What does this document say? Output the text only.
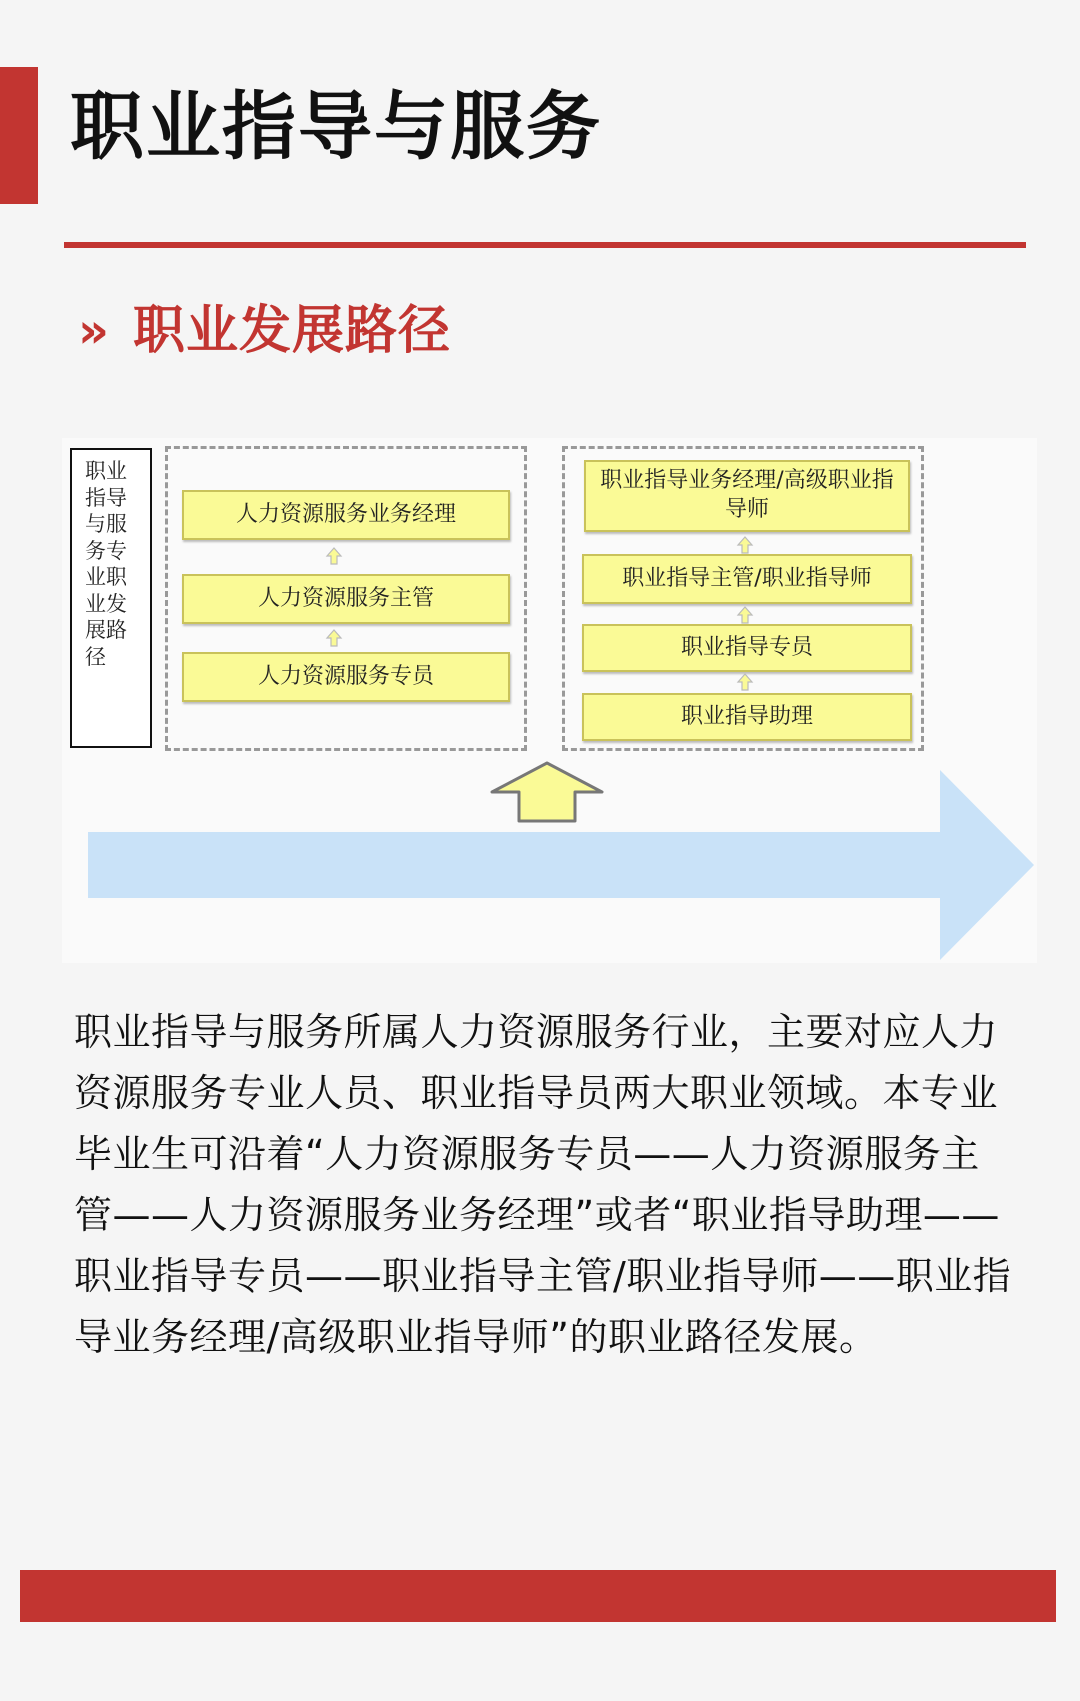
职业指导与服务
» 职业发展路径
职业指导与服务专业职业发展路径
人力资源服务业务经理
人力资源服务主管
人力资源服务专员
职业指导业务经理/高级职业指导师
职业指导主管/职业指导师
职业指导专员
职业指导助理

职业指导与服务所属人力资源服务行业，主要对应人力资源服务专业人员、职业指导员两大职业领域。本专业毕业生可沿着“人力资源服务专员——人力资源服务主管——人力资源服务业务经理”或者“职业指导助理——职业指导专员——职业指导主管/职业指导师——职业指导业务经理/高级职业指导师”的职业路径发展。
